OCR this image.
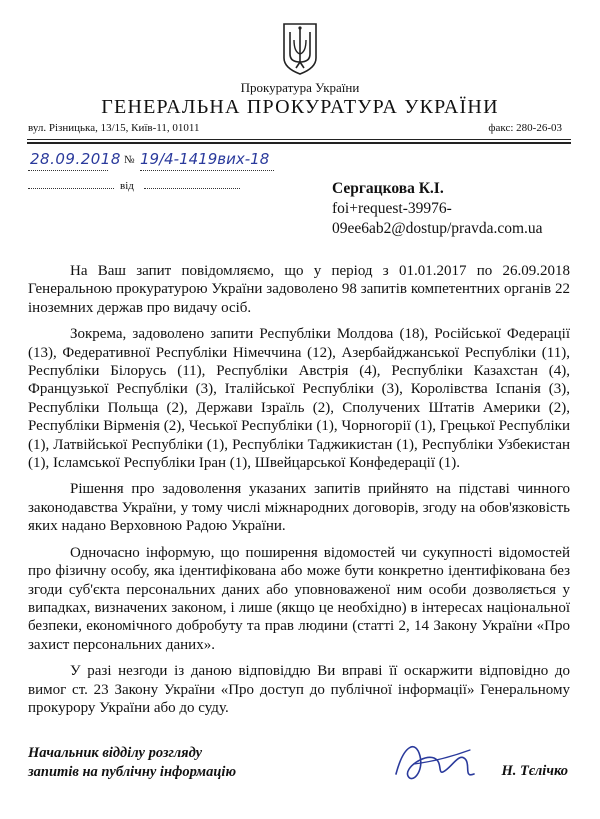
Прокуратура України
ГЕНЕРАЛЬНА ПРОКУРАТУРА УКРАЇНИ
вул. Різницька, 13/15, Київ-11, 01011	факс: 280-26-03
28.09.2018 № 19/4-1419вих-18
від	Сергацкова К.І.
foi+request-39976-
09ee6ab2@dostup/pravda.com.ua

На Ваш запит повідомляємо, що у період з 01.01.2017 по 26.09.2018 Генеральною прокуратурою України задоволено 98 запитів компетентних органів 22 іноземних держав про видачу осіб.

Зокрема, задоволено запити Республіки Молдова (18), Російської Федерації (13), Федеративної Республіки Німеччина (12), Азербайджанської Республіки (11), Республіки Білорусь (11), Республіки Австрія (4), Республіки Казахстан (4), Французької Республіки (3), Італійської Республіки (3), Королівства Іспанія (3), Республіки Польща (2), Держави Ізраїль (2), Сполучених Штатів Америки (2), Республіки Вірменія (2), Чеської Республіки (1), Чорногорії (1), Грецької Республіки (1), Латвійської Республіки (1), Республіки Таджикистан (1), Республіки Узбекистан (1), Ісламської Республіки Іран (1), Швейцарської Конфедерації (1).

Рішення про задоволення указаних запитів прийнято на підставі чинного законодавства України, у тому числі міжнародних договорів, згоду на обов'язковість яких надано Верховною Радою України.

Одночасно інформую, що поширення відомостей чи сукупності відомостей про фізичну особу, яка ідентифікована або може бути конкретно ідентифікована без згоди суб'єкта персональних даних або уповноваженої ним особи дозволяється у випадках, визначених законом, і лише (якщо це необхідно) в інтересах національної безпеки, економічного добробуту та прав людини (статті 2, 14 Закону України «Про захист персональних даних».

У разі незгоди із даною відповіддю Ви вправі її оскаржити відповідно до вимог ст. 23 Закону України «Про доступ до публічної інформації» Генеральному прокурору України або до суду.

Начальник відділу розгляду
запитів на публічну інформацію	Н. Тєлічко
